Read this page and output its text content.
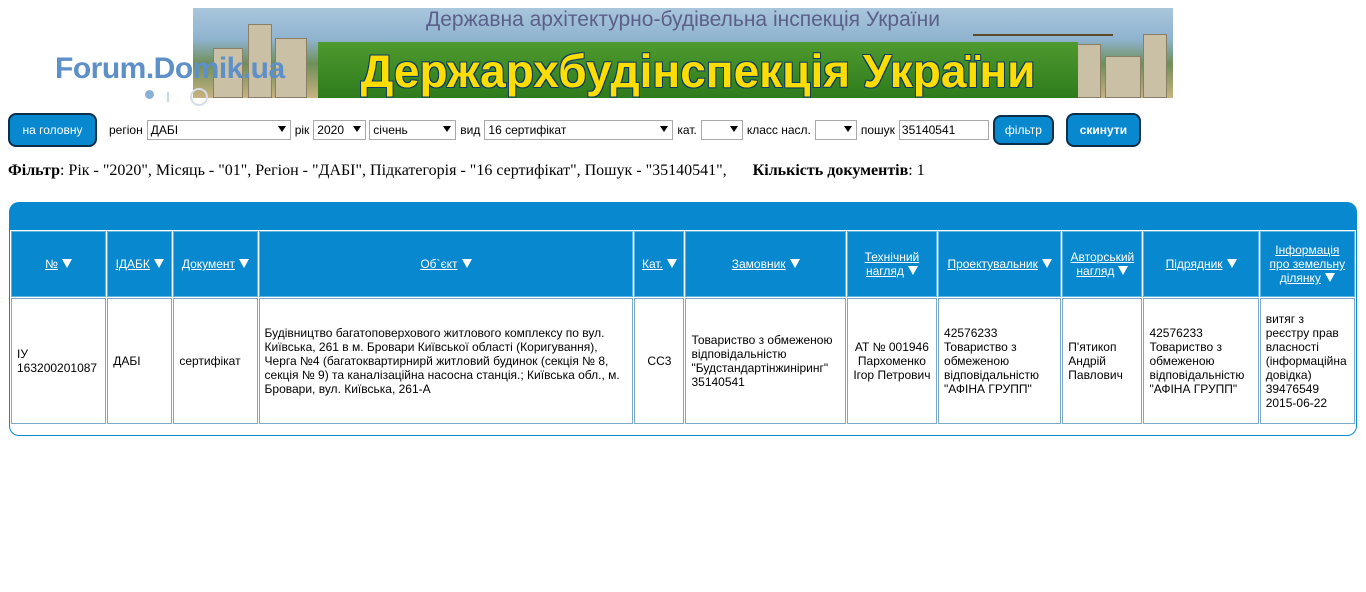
Forum.Domik.ua
Державна архітектурно-будівельна інспекція України
Держархбудінспекція України
на головну	регіон ДАБІ	рік 2020 січень	вид 16 сертифікат	кат.	класс насл.	пошук 35140541	фільтр	скинути
Фільтр: Рік - "2020", Місяць - "01", Регіон - "ДАБІ", Підкатегорія - "16 сертифікат", Пошук - "35140541", Кількість документів: 1
№	ІДАБК	Документ	Об`єкт	Кат.	Замовник	Технічний нагляд	Проектувальник	Авторський нагляд	Підрядник	Інформація про земельну ділянку
ІУ 163200201087	ДАБІ	сертифікат	Будівництво багатоповерхового житлового комплексу по вул. Київська, 261 в м. Бровари Київської області (Коригування), Черга №4 (багатоквартирнирй житловий будинок (секція № 8, секція № 9) та каналізаційна насосна станція.; Київська обл., м. Бровари, вул. Київська, 261-А	СС3	Товариство з обмеженою відповідальністю "Будстандартінжиніринг" 35140541	АТ № 001946 Пархоменко Ігор Петрович	42576233 Товариство з обмеженою відповідальністю "АФІНА ГРУПП"	П'ятикоп Андрій Павлович	42576233 Товариство з обмеженою відповідальністю "АФІНА ГРУПП"	витяг з реєстру прав власності (інформаційна довідка) 39476549 2015-06-22
